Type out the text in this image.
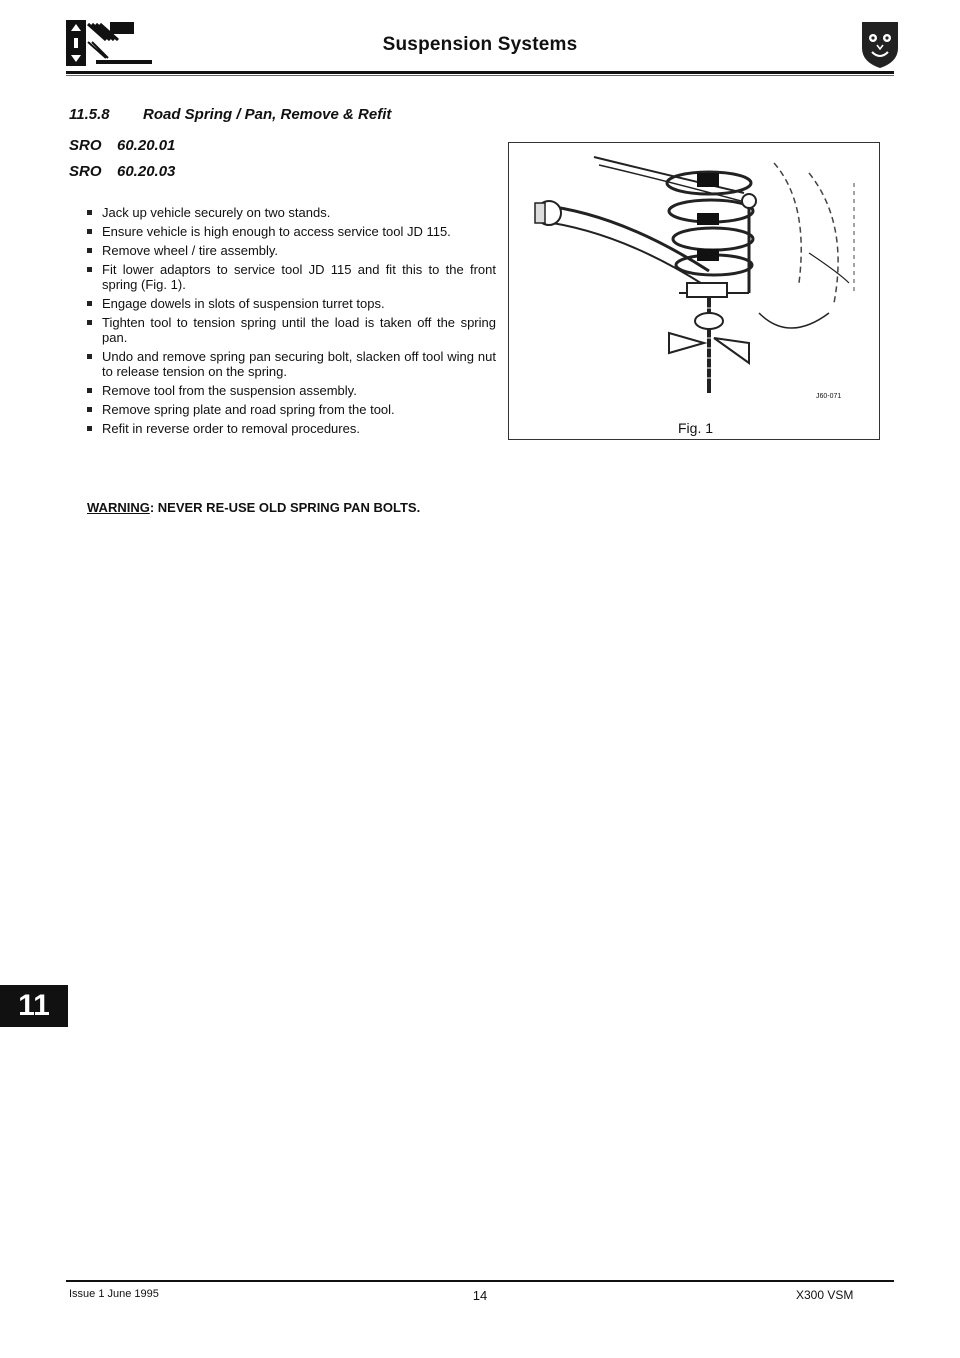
Suspension Systems
11.5.8 Road Spring / Pan, Remove & Refit
SRO 60.20.01
SRO 60.20.03
Jack up vehicle securely on two stands.
Ensure vehicle is high enough to access service tool JD 115.
Remove wheel / tire assembly.
Fit lower adaptors to service tool JD 115 and fit this to the front spring (Fig. 1).
Engage dowels in slots of suspension turret tops.
Tighten tool to tension spring until the load is taken off the spring pan.
Undo and remove spring pan securing bolt, slacken off tool wing nut to release tension on the spring.
Remove tool from the suspension assembly.
Remove spring plate and road spring from the tool.
Refit in reverse order to removal procedures.
WARNING: NEVER RE-USE OLD SPRING PAN BOLTS.
J60-071
Fig. 1
11
Issue 1 June 1995	14	X300 VSM
